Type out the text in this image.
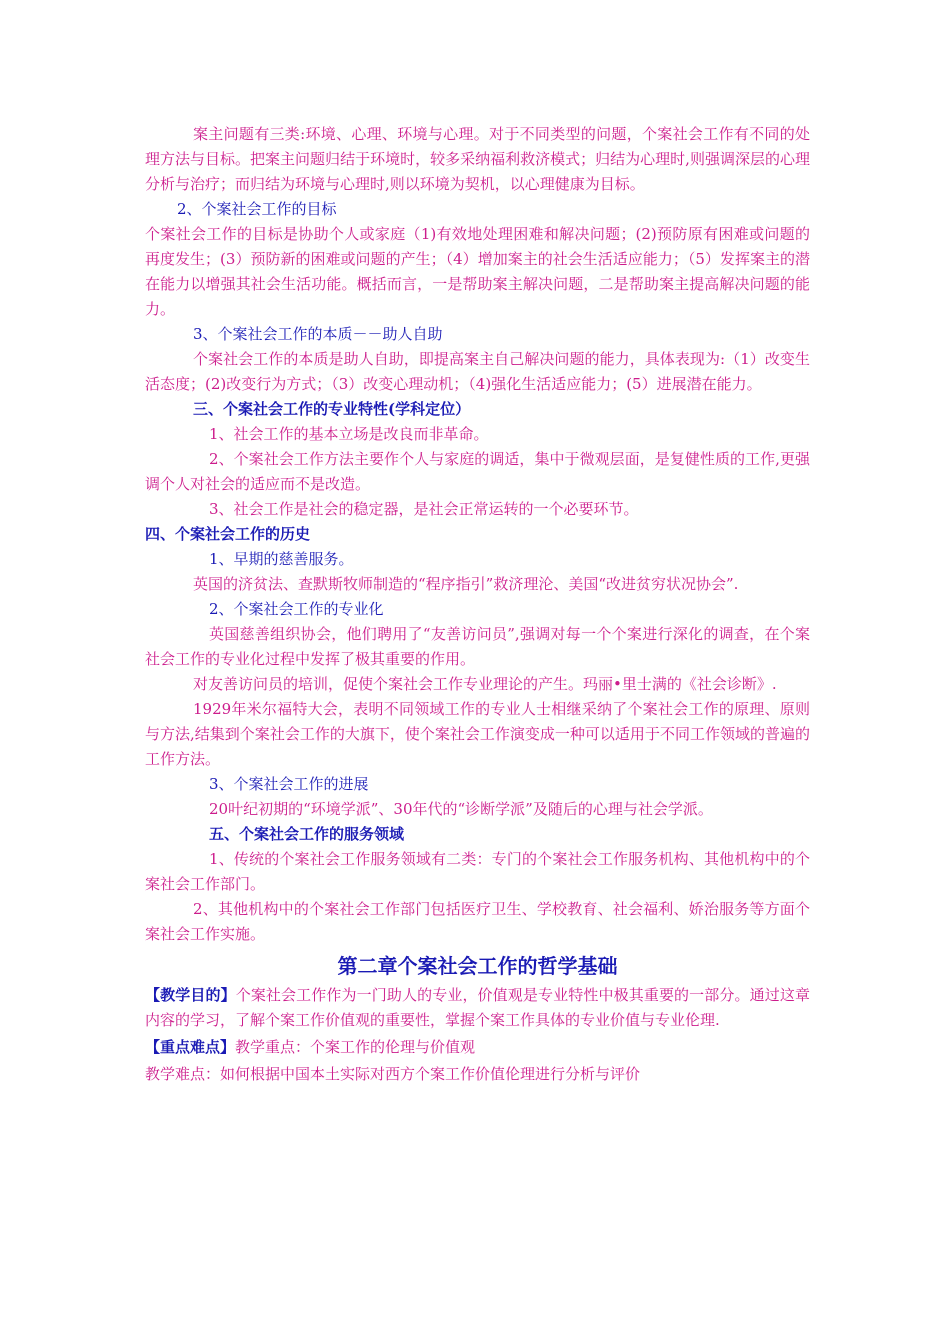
案主问题有三类:环境、心理、环境与心理。对于不同类型的问题，个案社会工作有不同的处理方法与目标。把案主问题归结于环境时，较多采纳福利救济模式；归结为心理时,则强调深层的心理分析与治疗；而归结为环境与心理时,则以环境为契机，以心理健康为目标。

2、个案社会工作的目标

个案社会工作的目标是协助个人或家庭（1)有效地处理困难和解决问题；(2)预防原有困难或问题的再度发生；(3）预防新的困难或问题的产生；（4）增加案主的社会生活适应能力；（5）发挥案主的潜在能力以增强其社会生活功能。概括而言，一是帮助案主解决问题，二是帮助案主提高解决问题的能力。

3、个案社会工作的本质－－助人自助

个案社会工作的本质是助人自助，即提高案主自己解决问题的能力，具体表现为:（1）改变生活态度；(2)改变行为方式；（3）改变心理动机；（4)强化生活适应能力；(5）进展潜在能力。

三、个案社会工作的专业特性(学科定位）

1、社会工作的基本立场是改良而非革命。

2、个案社会工作方法主要作个人与家庭的调适，集中于微观层面，是复健性质的工作,更强调个人对社会的适应而不是改造。

3、社会工作是社会的稳定器，是社会正常运转的一个必要环节。

四、个案社会工作的历史

1、早期的慈善服务。

英国的济贫法、查默斯牧师制造的“程序指引”救济理沦、美国“改进贫穷状况协会”.

2、个案社会工作的专业化

英国慈善组织协会，他们聘用了“友善访问员”,强调对每一个个案进行深化的调查，在个案社会工作的专业化过程中发挥了极其重要的作用。

对友善访问员的培训，促使个案社会工作专业理论的产生。玛丽•里士满的《社会诊断》.

1929年米尔福特大会，表明不同领域工作的专业人士相继采纳了个案社会工作的原理、原则与方法,结集到个案社会工作的大旗下，使个案社会工作演变成一种可以适用于不同工作领域的普遍的工作方法。

3、个案社会工作的进展

20叶纪初期的“环境学派”、30年代的“诊断学派”及随后的心理与社会学派。

五、个案社会工作的服务领域

1、传统的个案社会工作服务领域有二类：专门的个案社会工作服务机构、其他机构中的个案社会工作部门。

2、其他机构中的个案社会工作部门包括医疗卫生、学校教育、社会福利、娇治服务等方面个案社会工作实施。

第二章个案社会工作的哲学基础

【教学目的】个案社会工作作为一门助人的专业，价值观是专业特性中极其重要的一部分。通过这章内容的学习，了解个案工作价值观的重要性，掌握个案工作具体的专业价值与专业伦理.

【重点难点】教学重点：个案工作的伦理与价值观

教学难点：如何根据中国本土实际对西方个案工作价值伦理进行分析与评价
